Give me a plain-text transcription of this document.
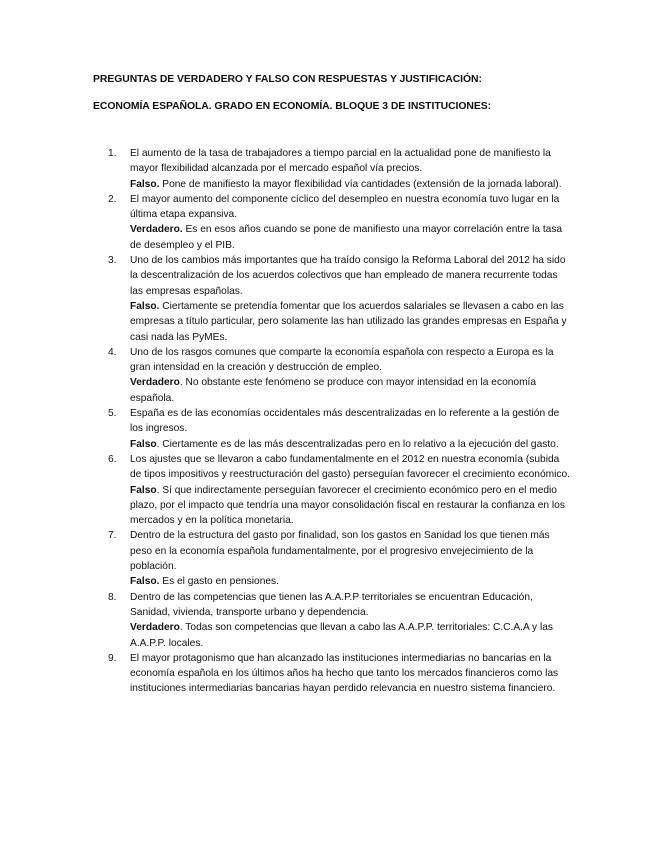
PREGUNTAS DE VERDADERO Y FALSO CON RESPUESTAS Y JUSTIFICACIÓN:

ECONOMÍA ESPAÑOLA. GRADO EN ECONOMÍA. BLOQUE 3 DE INSTITUCIONES:

1. El aumento de la tasa de trabajadores a tiempo parcial en la actualidad pone de manifiesto la mayor flexibilidad alcanzada por el mercado español vía precios.
Falso. Pone de manifiesto la mayor flexibilidad vía cantidades (extensión de la jornada laboral).
2. El mayor aumento del componente cíclico del desempleo en nuestra economía tuvo lugar en la última etapa expansiva.
Verdadero. Es en esos años cuando se pone de manifiesto una mayor correlación entre la tasa de desempleo y el PIB.
3. Uno de los cambios más importantes que ha traído consigo la Reforma Laboral del 2012 ha sido la descentralización de los acuerdos colectivos que han empleado de manera recurrente todas las empresas españolas.
Falso. Ciertamente se pretendía fomentar que los acuerdos salariales se llevasen a cabo en las empresas a título particular, pero solamente las han utilizado las grandes empresas en España y casi nada las PyMEs.
4. Uno de los rasgos comunes que comparte la economía española con respecto a Europa es la gran intensidad en la creación y destrucción de empleo.
Verdadero. No obstante este fenómeno se produce con mayor intensidad en la economía española.
5. España es de las economías occidentales más descentralizadas en lo referente a la gestión de los ingresos.
Falso. Ciertamente es de las más descentralizadas pero en lo relativo a la ejecución del gasto.
6. Los ajustes que se llevaron a cabo fundamentalmente en el 2012 en nuestra economía (subida de tipos impositivos y reestructuración del gasto) perseguían favorecer el crecimiento económico.
Falso. Sí que indirectamente perseguían favorecer el crecimiento económico pero en el medio plazo, por el impacto que tendría una mayor consolidación fiscal en restaurar la confianza en los mercados y en la política monetaria.
7. Dentro de la estructura del gasto por finalidad, son los gastos en Sanidad los que tienen más peso en la economía española fundamentalmente, por el progresivo envejecimiento de la población.
Falso. Es el gasto en pensiones.
8. Dentro de las competencias que tienen las A.A.P.P territoriales se encuentran Educación, Sanidad, vivienda, transporte urbano y dependencia.
Verdadero. Todas son competencias que llevan a cabo las A.A.P.P. territoriales: C.C.A.A y las A.A.P.P. locales.
9. El mayor protagonismo que han alcanzado las instituciones intermediarias no bancarias en la economía española en los últimos años ha hecho que tanto los mercados financieros como las instituciones intermediarias bancarias hayan perdido relevancia en nuestro sistema financiero.
